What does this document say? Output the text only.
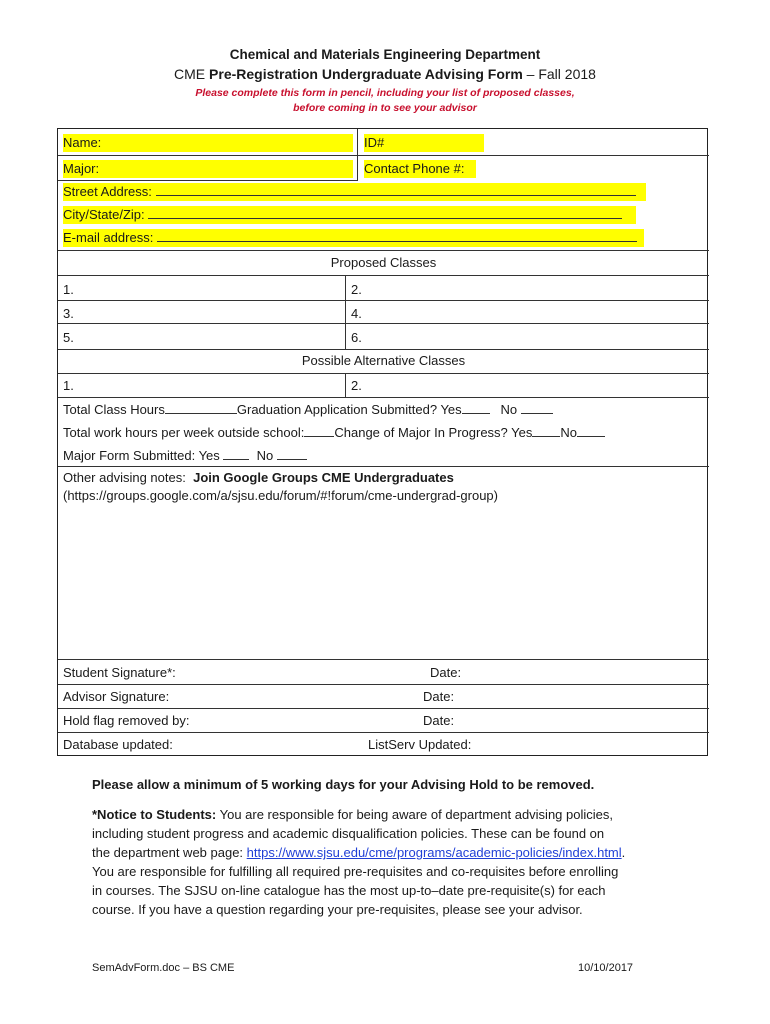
Chemical and Materials Engineering Department
CME Pre-Registration Undergraduate Advising Form – Fall 2018
Please complete this form in pencil, including your list of proposed classes,
before coming in to see your advisor
Name:	ID#
Major:	Contact Phone #:
Street Address:
City/State/Zip:
E-mail address:
Proposed Classes
1.	2.
3.	4.
5.	6.
Possible Alternative Classes
1.	2.
Total Class Hours	Graduation Application Submitted? Yes	No
Total work hours per week outside school: Change of Major In Progress? Yes No
Major Form Submitted: Yes	No
Other advising notes: Join Google Groups CME Undergraduates
(https://groups.google.com/a/sjsu.edu/forum/#!forum/cme-undergrad-group)
Student Signature*:	Date:
Advisor Signature:	Date:
Hold flag removed by:	Date:
Database updated:	ListServ Updated:
Please allow a minimum of 5 working days for your Advising Hold to be removed.
*Notice to Students: You are responsible for being aware of department advising policies,
including student progress and academic disqualification policies. These can be found on
the department web page: https://www.sjsu.edu/cme/programs/academic-policies/index.html.
You are responsible for fulfilling all required pre-requisites and co-requisites before enrolling
in courses. The SJSU on-line catalogue has the most up-to–date pre-requisite(s) for each
course. If you have a question regarding your pre-requisites, please see your advisor.
SemAdvForm.doc – BS CME	10/10/2017
